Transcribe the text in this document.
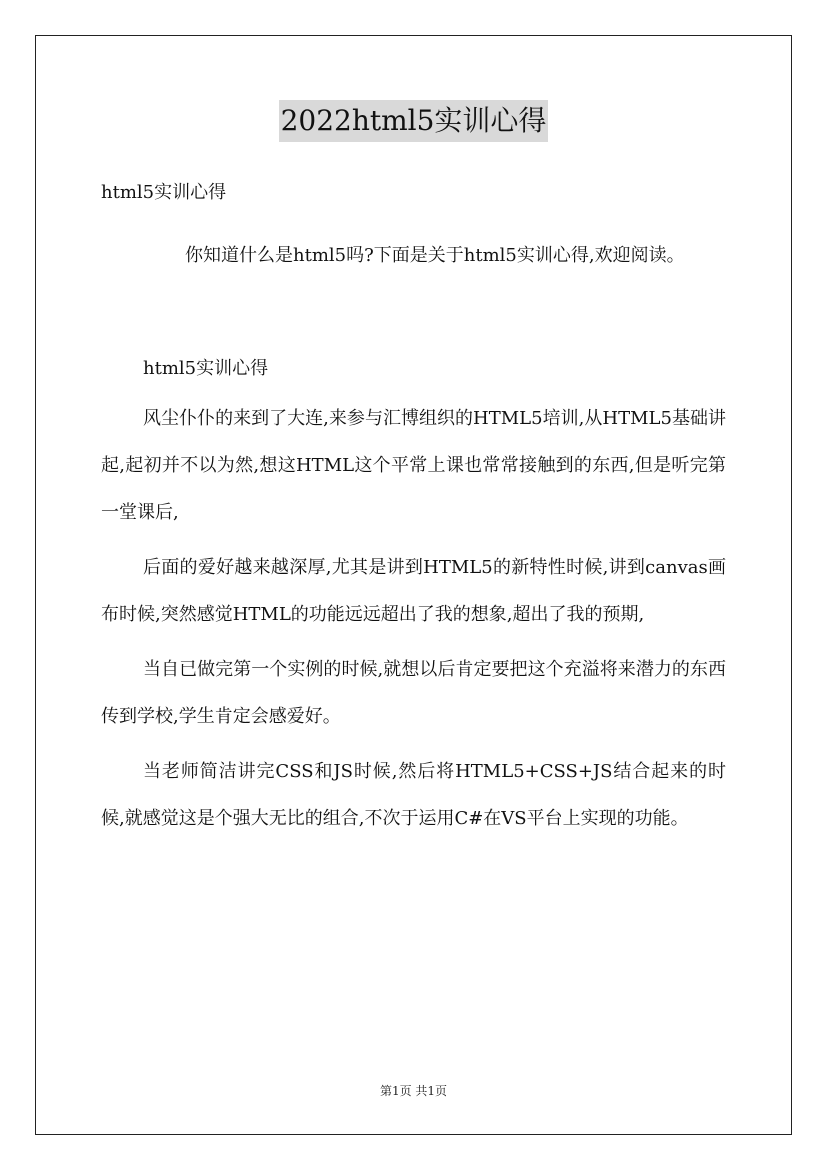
2022html5实训心得

html5实训心得

你知道什么是html5吗?下面是关于html5实训心得,欢迎阅读。

html5实训心得

风尘仆仆的来到了大连,来参与汇博组织的HTML5培训,从HTML5基础讲起,起初并不以为然,想这HTML这个平常上课也常常接触到的东西,但是听完第一堂课后,

后面的爱好越来越深厚,尤其是讲到HTML5的新特性时候,讲到canvas画布时候,突然感觉HTML的功能远远超出了我的想象,超出了我的预期,

当自已做完第一个实例的时候,就想以后肯定要把这个充溢将来潜力的东西传到学校,学生肯定会感爱好。

当老师简洁讲完CSS和JS时候,然后将HTML5+CSS+JS结合起来的时候,就感觉这是个强大无比的组合,不次于运用C#在VS平台上实现的功能。

第1页 共1页
